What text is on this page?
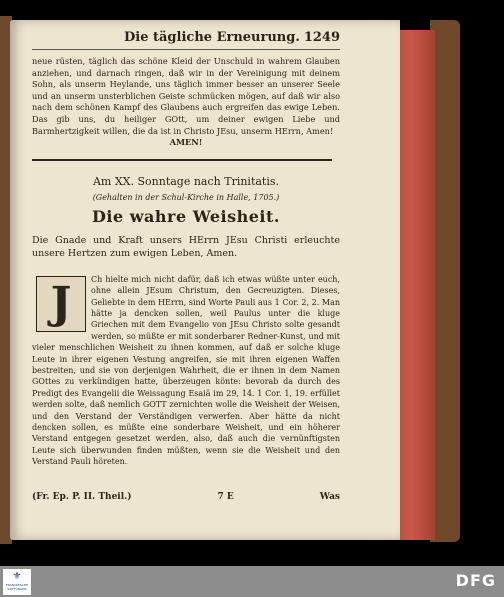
Die tägliche Erneurung. 1249

neue rüsten, täglich das schöne Kleid der Unschuld in wahrem Glauben anziehen, und darnach ringen, daß wir in der Vereinigung mit deinem Sohn, als unserm Heylande, uns täglich immer besser an unserer Seele und an unserm unsterblichen Geiste schmücken mögen, auf daß wir also nach dem schönen Kampf des Glaubens auch ergreifen das ewige Leben. Das gib uns, du heiliger GOtt, um deiner ewigen Liebe und Barmhertzigkeit willen, die da ist in Christo JEsu, unserm HErrn, Amen!
AMEN!

Am XX. Sonntage nach Trinitatis.
(Gehalten in der Schul-Kirche in Halle, 1705.)
Die wahre Weisheit.

Die Gnade und Kraft unsers HErrn JEsu Christi erleuchte unsere Hertzen zum ewigen Leben, Amen.

J	Ch hielte mich nicht dafür, daß ich etwas wüßte unter euch, ohne allein JEsum Christum, den Gecreuzigten. Dieses, Geliebte in dem HErrn, sind Worte Pauli aus 1 Cor. 2, 2. Man hätte ja dencken sollen, weil Paulus unter die kluge Griechen mit dem Evangelio von JEsu Christo solte gesandt werden, so müßte er mit sonderbarer Redner-Kunst, und mit vieler menschlichen Weisheit zu ihnen kommen, auf daß er solche kluge Leute in ihrer eigenen Vestung angreifen, sie mit ihren eigenen Waffen bestreiten, und sie von derjenigen Wahrheit, die er ihnen in dem Namen GOttes zu verkündigen hatte, überzeugen könte: bevorab da durch des Predigt des Evangelii die Weissagung Esaiä im 29, 14. 1 Cor. 1, 19. erfüllet werden solte, daß nemlich GOTT zernichten wolle die Weisheit der Weisen, und den Verstand der Verständigen verwerfen. Aber hätte da nicht dencken sollen, es müßte eine sonderbare Weisheit, und ein höherer Verstand entgegen gesetzet werden, also, daß auch die vernünftigsten Leute sich überwunden finden müßten, wenn sie die Weisheit und den Verstand Pauli höreten.
(Fr. Ep. P. II. Theil.)	7 E	Was
⚜
FRANCKESCHE STIFTUNGEN	DFG
